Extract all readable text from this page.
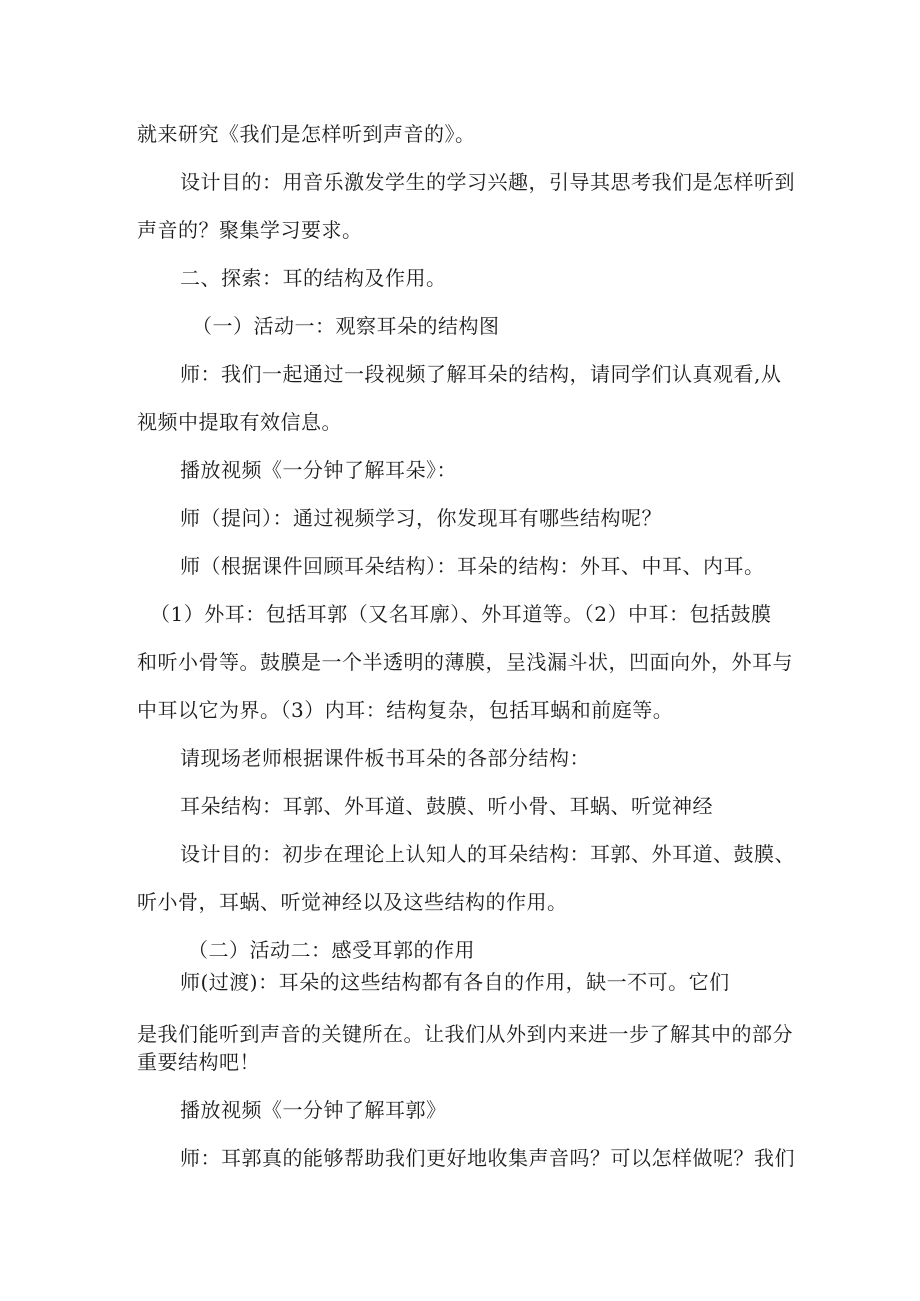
就来研究《我们是怎样听到声音的》。
设计目的：用音乐激发学生的学习兴趣，引导其思考我们是怎样听到
声音的？聚集学习要求。
二、探索：耳的结构及作用。
（一）活动一：观察耳朵的结构图
师：我们一起通过一段视频了解耳朵的结构，请同学们认真观看,从
视频中提取有效信息。
播放视频《一分钟了解耳朵》：
师（提问）：通过视频学习，你发现耳有哪些结构呢？
师（根据课件回顾耳朵结构）：耳朵的结构：外耳、中耳、内耳。
（1）外耳：包括耳郭（又名耳廓）、外耳道等。（2）中耳：包括鼓膜
和听小骨等。鼓膜是一个半透明的薄膜，呈浅漏斗状，凹面向外，外耳与
中耳以它为界。（3）内耳：结构复杂，包括耳蜗和前庭等。
请现场老师根据课件板书耳朵的各部分结构：
耳朵结构：耳郭、外耳道、鼓膜、听小骨、耳蜗、听觉神经
设计目的：初步在理论上认知人的耳朵结构：耳郭、外耳道、鼓膜、
听小骨，耳蜗、听觉神经以及这些结构的作用。
（二）活动二：感受耳郭的作用
师(过渡)：耳朵的这些结构都有各自的作用，缺一不可。它们
是我们能听到声音的关键所在。让我们从外到内来进一步了解其中的部分
重要结构吧！
播放视频《一分钟了解耳郭》
师：耳郭真的能够帮助我们更好地收集声音吗？可以怎样做呢？我们
